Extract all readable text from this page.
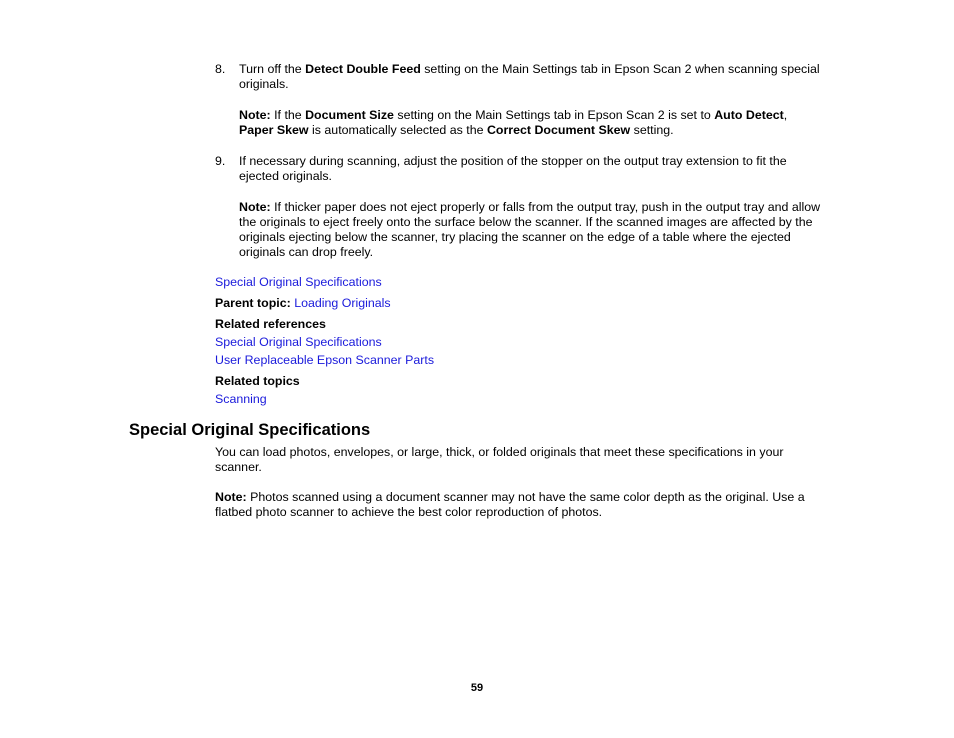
8. Turn off the Detect Double Feed setting on the Main Settings tab in Epson Scan 2 when scanning special originals.
Note: If the Document Size setting on the Main Settings tab in Epson Scan 2 is set to Auto Detect,
Paper Skew is automatically selected as the Correct Document Skew setting.
9. If necessary during scanning, adjust the position of the stopper on the output tray extension to fit the ejected originals.
Note: If thicker paper does not eject properly or falls from the output tray, push in the output tray and allow the originals to eject freely onto the surface below the scanner. If the scanned images are affected by the originals ejecting below the scanner, try placing the scanner on the edge of a table where the ejected originals can drop freely.
Special Original Specifications
Parent topic: Loading Originals
Related references
Special Original Specifications
User Replaceable Epson Scanner Parts
Related topics
Scanning
Special Original Specifications
You can load photos, envelopes, or large, thick, or folded originals that meet these specifications in your scanner.
Note: Photos scanned using a document scanner may not have the same color depth as the original. Use a flatbed photo scanner to achieve the best color reproduction of photos.
59
